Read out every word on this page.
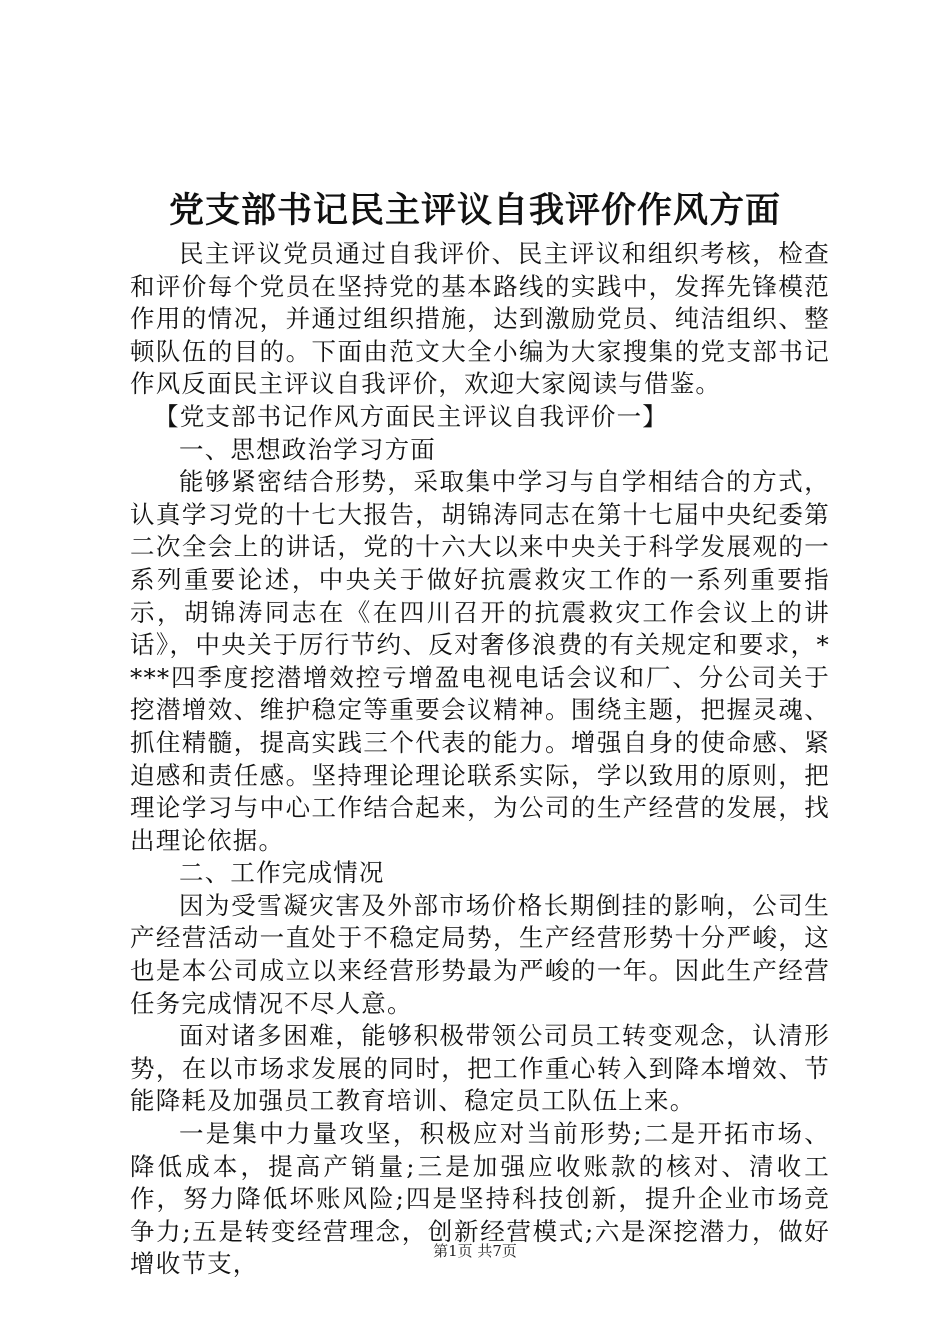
党支部书记民主评议自我评价作风方面

民主评议党员通过自我评价、民主评议和组织考核，检查和评价每个党员在坚持党的基本路线的实践中，发挥先锋模范作用的情况，并通过组织措施，达到激励党员、纯洁组织、整顿队伍的目的。下面由范文大全小编为大家搜集的党支部书记作风反面民主评议自我评价，欢迎大家阅读与借鉴。

【党支部书记作风方面民主评议自我评价一】

一、思想政治学习方面

能够紧密结合形势，采取集中学习与自学相结合的方式，认真学习党的十七大报告，胡锦涛同志在第十七届中央纪委第二次全会上的讲话，党的十六大以来中央关于科学发展观的一系列重要论述，中央关于做好抗震救灾工作的一系列重要指示，胡锦涛同志在《在四川召开的抗震救灾工作会议上的讲话》，中央关于厉行节约、反对奢侈浪费的有关规定和要求，****四季度挖潜增效控亏增盈电视电话会议和厂、分公司关于挖潜增效、维护稳定等重要会议精神。围绕主题，把握灵魂、抓住精髓，提高实践三个代表的能力。增强自身的使命感、紧迫感和责任感。坚持理论理论联系实际，学以致用的原则，把理论学习与中心工作结合起来，为公司的生产经营的发展，找出理论依据。

二、工作完成情况

因为受雪凝灾害及外部市场价格长期倒挂的影响，公司生产经营活动一直处于不稳定局势，生产经营形势十分严峻，这也是本公司成立以来经营形势最为严峻的一年。因此生产经营任务完成情况不尽人意。

面对诸多困难，能够积极带领公司员工转变观念，认清形势，在以市场求发展的同时，把工作重心转入到降本增效、节能降耗及加强员工教育培训、稳定员工队伍上来。

一是集中力量攻坚，积极应对当前形势;二是开拓市场、降低成本，提高产销量;三是加强应收账款的核对、清收工作，努力降低坏账风险;四是坚持科技创新，提升企业市场竞争力;五是转变经营理念，创新经营模式;六是深挖潜力，做好增收节支，	第1页 共7页
